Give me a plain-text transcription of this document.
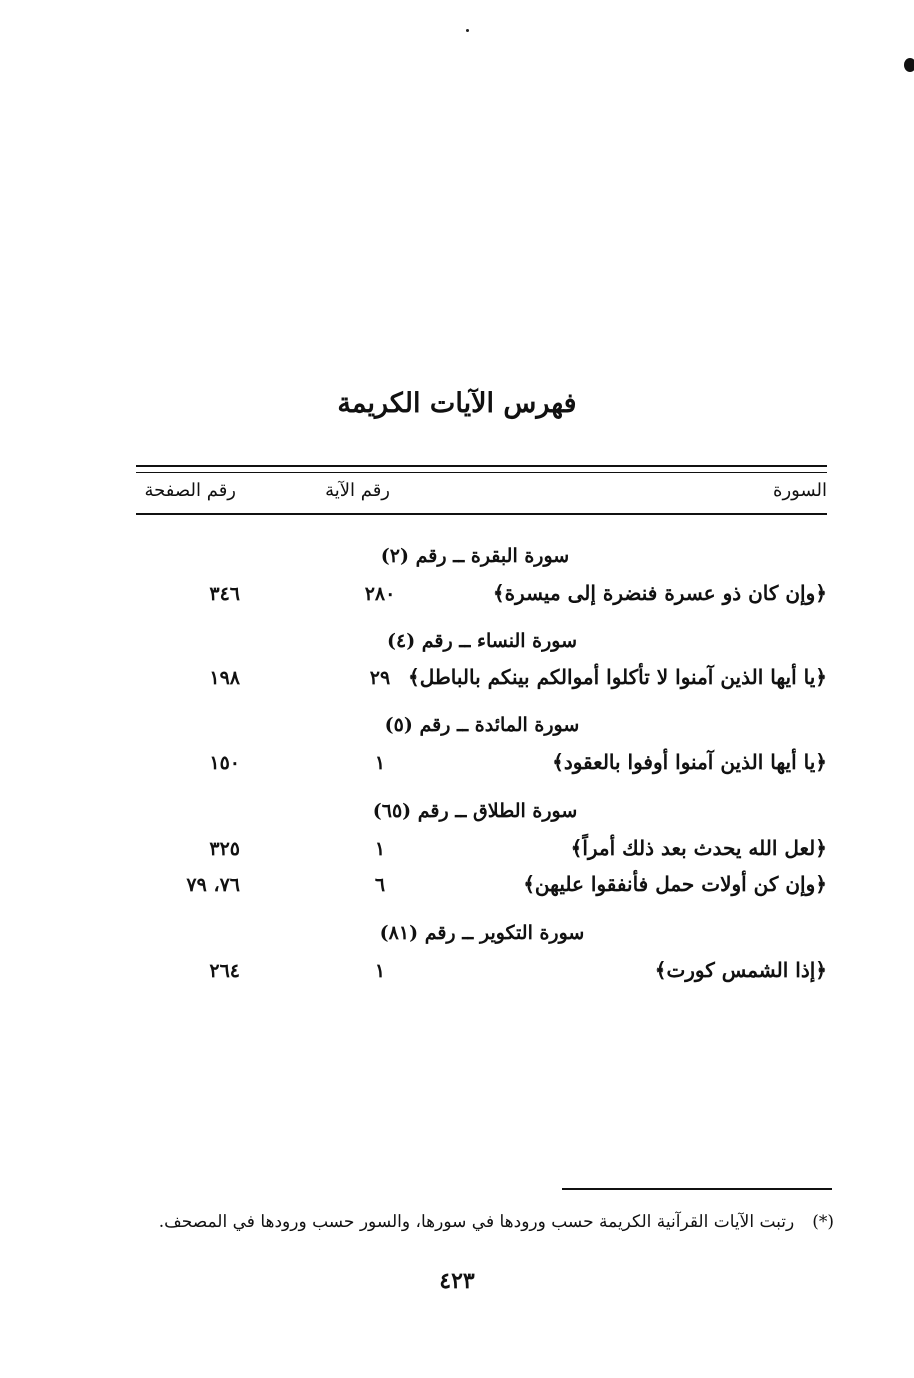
فهرس الآيات الكريمة
السورة
رقم الآية
رقم الصفحة
سورة البقرة ــ رقم (٢)
﴿وإن كان ذو عسرة فنضرة إلى ميسرة﴾
٢٨٠
٣٤٦
سورة النساء ــ رقم (٤)
﴿يا أيها الذين آمنوا لا تأكلوا أموالكم بينكم بالباطل﴾
٢٩
١٩٨
سورة المائدة ــ رقم (٥)
﴿يا أيها الذين آمنوا أوفوا بالعقود﴾
١
١٥٠
سورة الطلاق ــ رقم (٦٥)
﴿لعل الله يحدث بعد ذلك أمراً﴾
١
٣٢٥
﴿وإن كن أولات حمل فأنفقوا عليهن﴾
٦
٧٦، ٧٩
سورة التكوير ــ رقم (٨١)
﴿إذا الشمس كورت﴾
١
٢٦٤
(*)رتبت الآيات القرآنية الكريمة حسب ورودها في سورها، والسور حسب ورودها في المصحف.
٤٢٣
